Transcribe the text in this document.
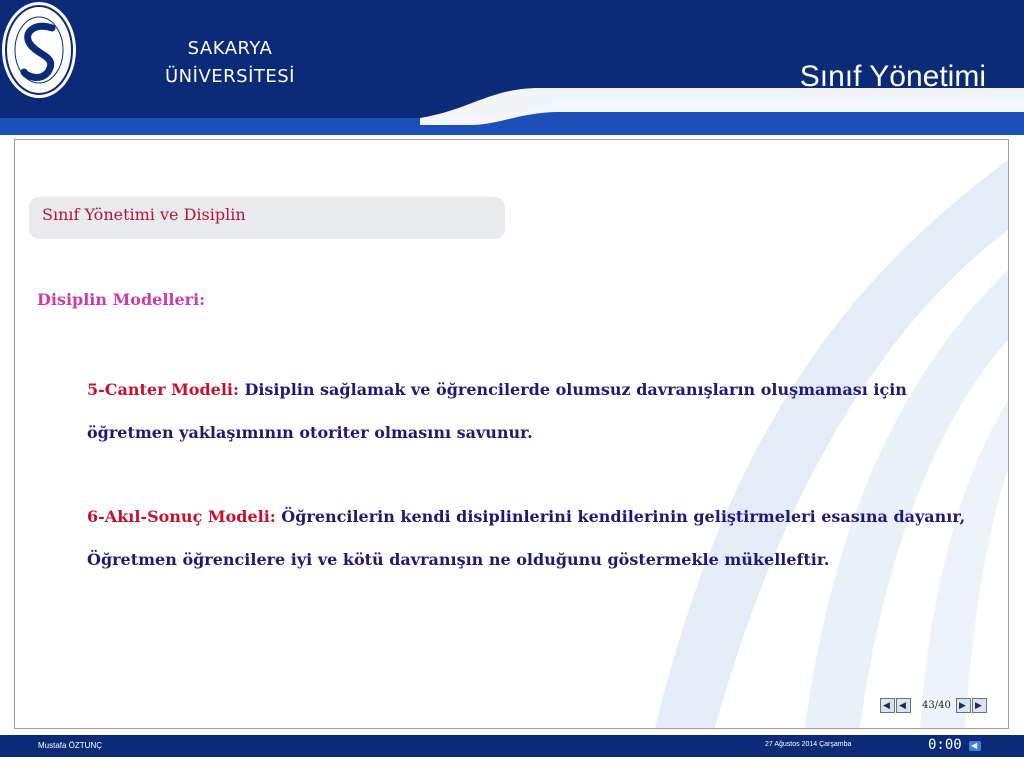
SAKARYA
ÜNİVERSİTESİ	Sınıf Yönetimi
Sınıf Yönetimi ve Disiplin
Disiplin Modelleri:
5-Canter Modeli: Disiplin sağlamak ve öğrencilerde olumsuz davranışların oluşmaması için öğretmen yaklaşımının otoriter olmasını savunur.
6-Akıl-Sonuç Modeli: Öğrencilerin kendi disiplinlerini kendilerinin geliştirmeleri esasına dayanır, Öğretmen öğrencilere iyi ve kötü davranışın ne olduğunu göstermekle mükelleftir.
◀ ◀ 43/40 ▶ ▶
Mustafa ÖZTUNÇ	27 Ağustos 2014 Çarşamba	0:00 ◀
